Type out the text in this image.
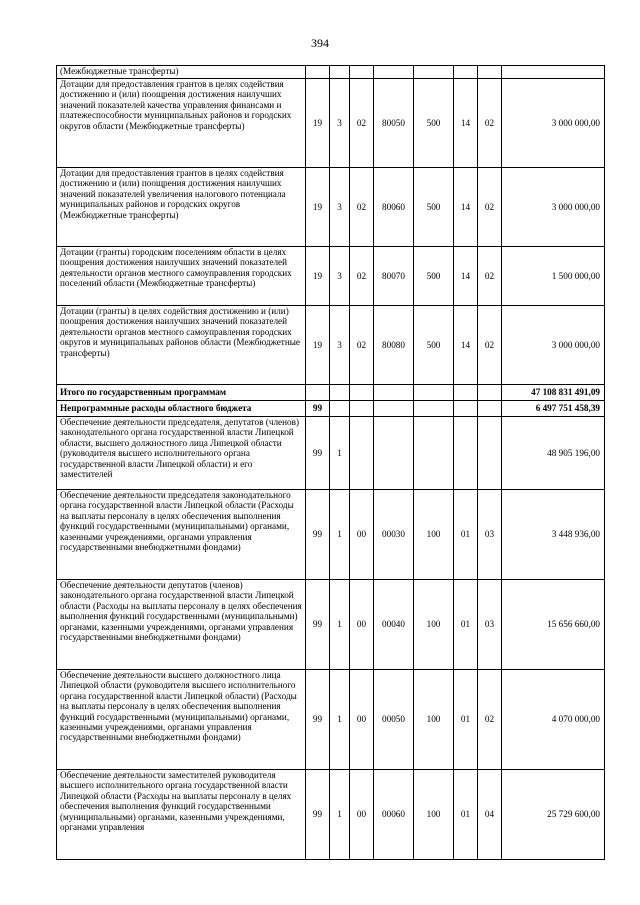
394
(Межбюджетные трансферты)								
Дотации для предоставления грантов в целях содействия достижению и (или) поощрения достижения наилучших значений показателей качества управления финансами и платежеспособности муниципальных районов и городских округов области (Межбюджетные трансферты)	19	3	02	80050	500	14	02	3 000 000,00
Дотации для предоставления грантов в целях содействия достижению и (или) поощрения достижения наилучших значений показателей увеличения налогового потенциала муниципальных районов и городских округов (Межбюджетные трансферты)	19	3	02	80060	500	14	02	3 000 000,00
Дотации (гранты) городским поселениям области в целях поощрения достижения наилучших значений показателей деятельности органов местного самоуправления городских поселений области (Межбюджетные трансферты)	19	3	02	80070	500	14	02	1 500 000,00
Дотации (гранты) в целях содействия достижению и (или) поощрения достижения наилучших значений показателей деятельности органов местного самоуправления городских округов и муниципальных районов области (Межбюджетные трансферты)	19	3	02	80080	500	14	02	3 000 000,00
Итого по государственным программам								47 108 831 491,09
Непрограммные расходы областного бюджета	99							6 497 751 458,39
Обеспечение деятельности председателя, депутатов (членов) законодательного органа государственной власти Липецкой области, высшего должностного лица Липецкой области (руководителя высшего исполнительного органа государственной власти Липецкой области) и его заместителей	99	1						48 905 196,00
Обеспечение деятельности председателя законодательного органа государственной власти Липецкой области (Расходы на выплаты персоналу в целях обеспечения выполнения функций государственными (муниципальными) органами, казенными учреждениями, органами управления государственными внебюджетными фондами)	99	1	00	00030	100	01	03	3 448 936,00
Обеспечение деятельности депутатов (членов) законодательного органа государственной власти Липецкой области (Расходы на выплаты персоналу в целях обеспечения выполнения функций государственными (муниципальными) органами, казенными учреждениями, органами управления государственными внебюджетными фондами)	99	1	00	00040	100	01	03	15 656 660,00
Обеспечение деятельности высшего должностного лица Липецкой области (руководителя высшего исполнительного органа государственной власти Липецкой области) (Расходы на выплаты персоналу в целях обеспечения выполнения функций государственными (муниципальными) органами, казенными учреждениями, органами управления государственными внебюджетными фондами)	99	1	00	00050	100	01	02	4 070 000,00
Обеспечение деятельности заместителей руководителя высшего исполнительного органа государственной власти Липецкой области (Расходы на выплаты персоналу в целях обеспечения выполнения функций государственными (муниципальными) органами, казенными учреждениями, органами управления	99	1	00	00060	100	01	04	25 729 600,00
